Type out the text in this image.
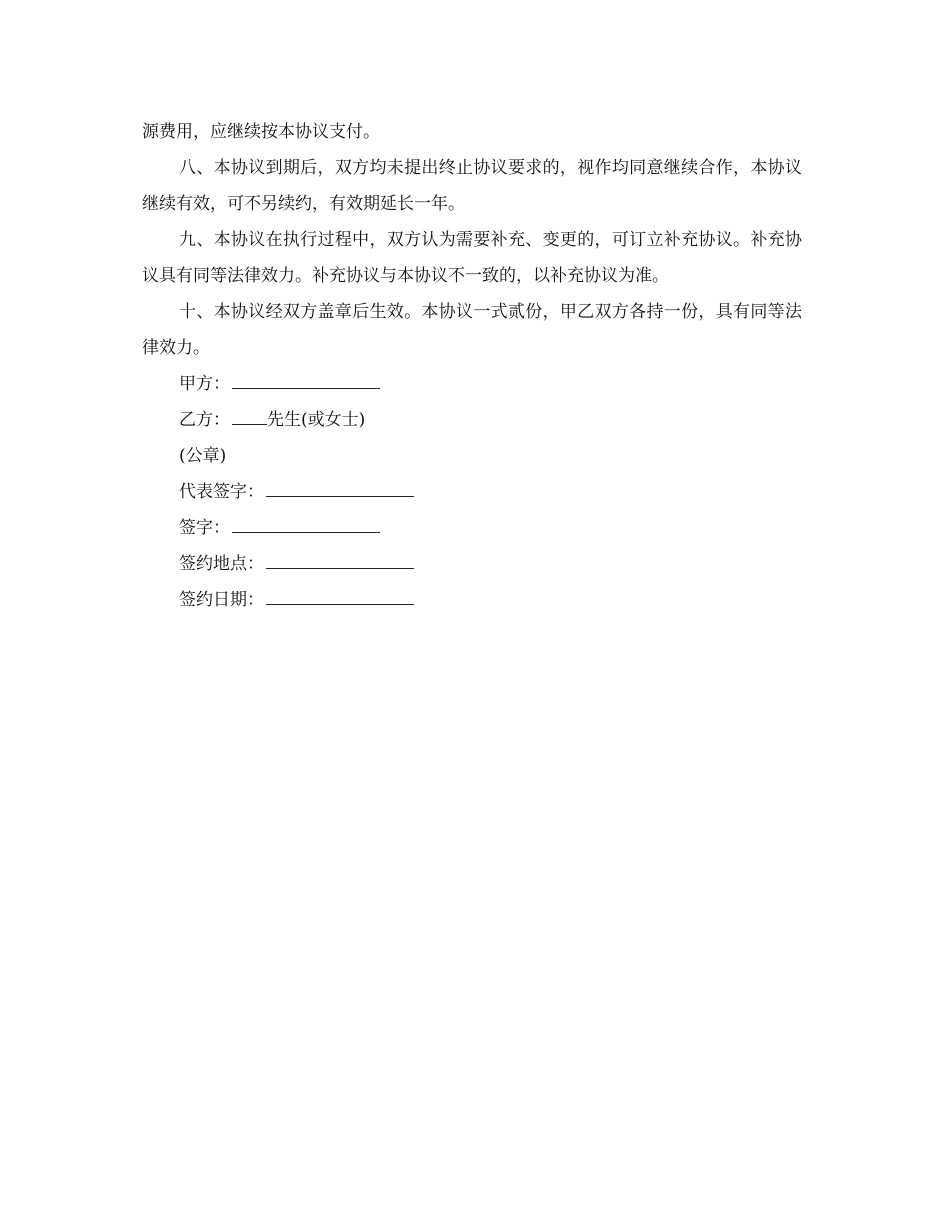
源费用，应继续按本协议支付。

八、本协议到期后，双方均未提出终止协议要求的，视作均同意继续合作，本协议继续有效，可不另续约，有效期延长一年。

九、本协议在执行过程中，双方认为需要补充、变更的，可订立补充协议。补充协议具有同等法律效力。补充协议与本协议不一致的，以补充协议为准。

十、本协议经双方盖章后生效。本协议一式贰份，甲乙双方各持一份，具有同等法律效力。

甲方：
乙方： 先生(或女士)
(公章)
代表签字：
签字：
签约地点：
签约日期：
